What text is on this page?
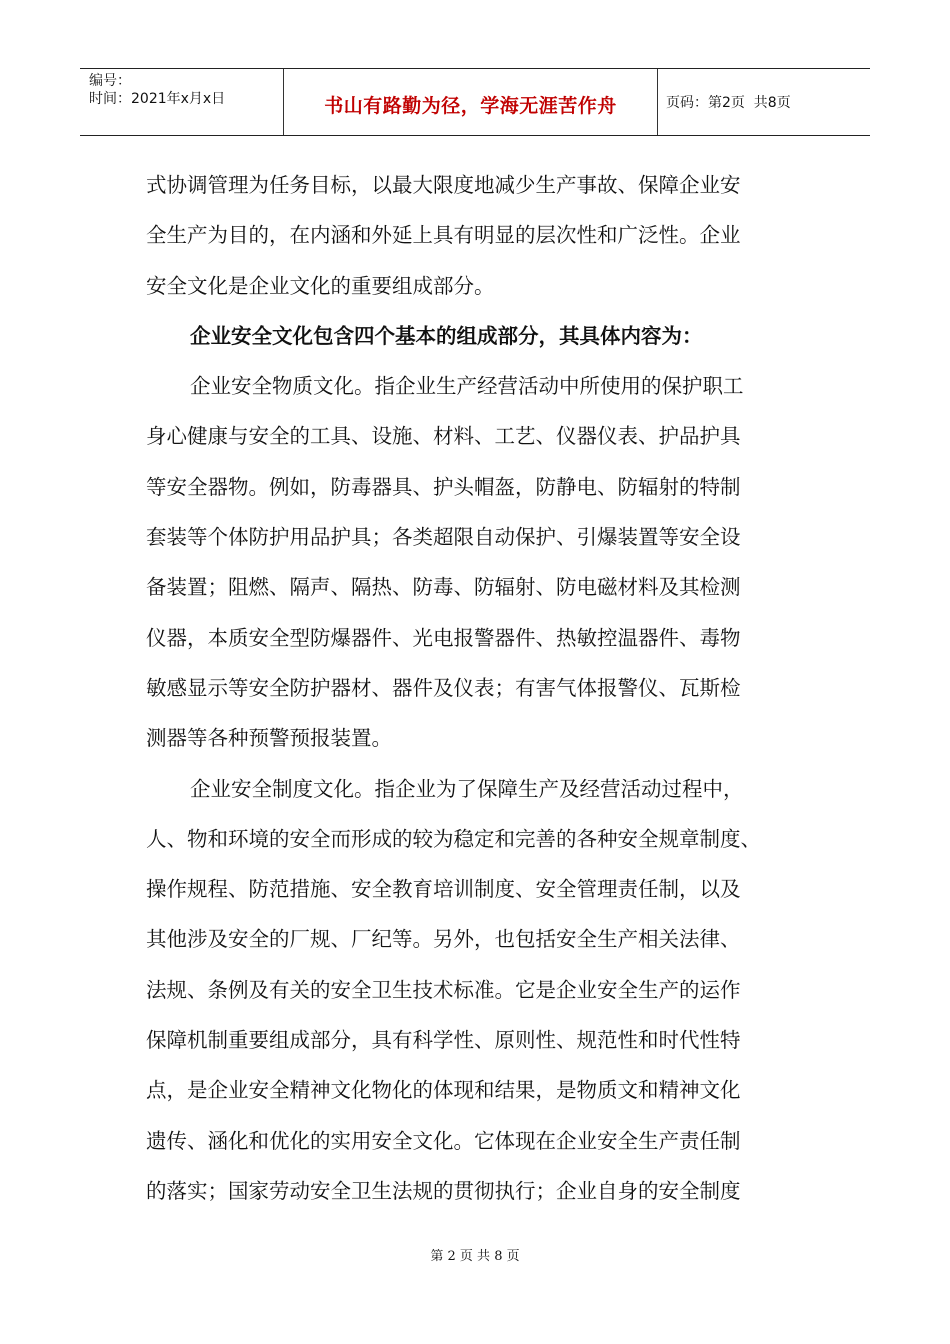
编号：
时间：2021年x月x日	书山有路勤为径，学海无涯苦作舟	页码：第2页  共8页
式协调管理为任务目标，以最大限度地减少生产事故、保障企业安
全生产为目的，在内涵和外延上具有明显的层次性和广泛性。企业
安全文化是企业文化的重要组成部分。
企业安全文化包含四个基本的组成部分，其具体内容为：
企业安全物质文化。指企业生产经营活动中所使用的保护职工
身心健康与安全的工具、设施、材料、工艺、仪器仪表、护品护具
等安全器物。例如，防毒器具、护头帽盔，防静电、防辐射的特制
套装等个体防护用品护具；各类超限自动保护、引爆装置等安全设
备装置；阻燃、隔声、隔热、防毒、防辐射、防电磁材料及其检测
仪器，本质安全型防爆器件、光电报警器件、热敏控温器件、毒物
敏感显示等安全防护器材、器件及仪表；有害气体报警仪、瓦斯检
测器等各种预警预报装置。
企业安全制度文化。指企业为了保障生产及经营活动过程中，
人、物和环境的安全而形成的较为稳定和完善的各种安全规章制度、
操作规程、防范措施、安全教育培训制度、安全管理责任制，以及
其他涉及安全的厂规、厂纪等。另外，也包括安全生产相关法律、
法规、条例及有关的安全卫生技术标准。它是企业安全生产的运作
保障机制重要组成部分，具有科学性、原则性、规范性和时代性特
点，是企业安全精神文化物化的体现和结果，是物质文和精神文化
遗传、涵化和优化的实用安全文化。它体现在企业安全生产责任制
的落实；国家劳动安全卫生法规的贯彻执行；企业自身的安全制度
第 2 页 共 8 页
